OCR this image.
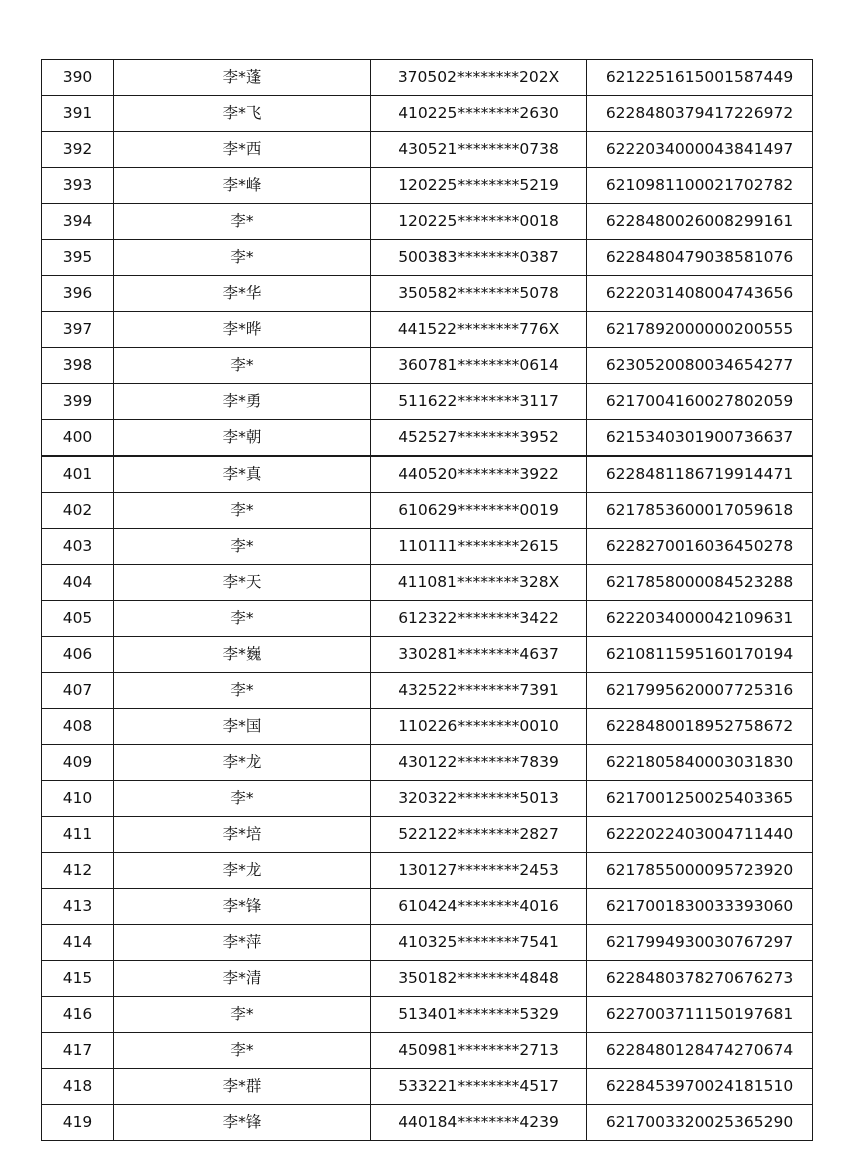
390	李*蓬	370502********202X	6212251615001587449
391	李*飞	410225********2630	6228480379417226972
392	李*西	430521********0738	6222034000043841497
393	李*峰	120225********5219	6210981100021702782
394	李*	120225********0018	6228480026008299161
395	李*	500383********0387	6228480479038581076
396	李*华	350582********5078	6222031408004743656
397	李*晔	441522********776X	6217892000000200555
398	李*	360781********0614	6230520080034654277
399	李*勇	511622********3117	6217004160027802059
400	李*朝	452527********3952	6215340301900736637
401	李*真	440520********3922	6228481186719914471
402	李*	610629********0019	6217853600017059618
403	李*	110111********2615	6228270016036450278
404	李*天	411081********328X	6217858000084523288
405	李*	612322********3422	6222034000042109631
406	李*巍	330281********4637	6210811595160170194
407	李*	432522********7391	6217995620007725316
408	李*国	110226********0010	6228480018952758672
409	李*龙	430122********7839	6221805840003031830
410	李*	320322********5013	6217001250025403365
411	李*培	522122********2827	6222022403004711440
412	李*龙	130127********2453	6217855000095723920
413	李*锋	610424********4016	6217001830033393060
414	李*萍	410325********7541	6217994930030767297
415	李*清	350182********4848	6228480378270676273
416	李*	513401********5329	6227003711150197681
417	李*	450981********2713	6228480128474270674
418	李*群	533221********4517	6228453970024181510
419	李*锋	440184********4239	6217003320025365290
